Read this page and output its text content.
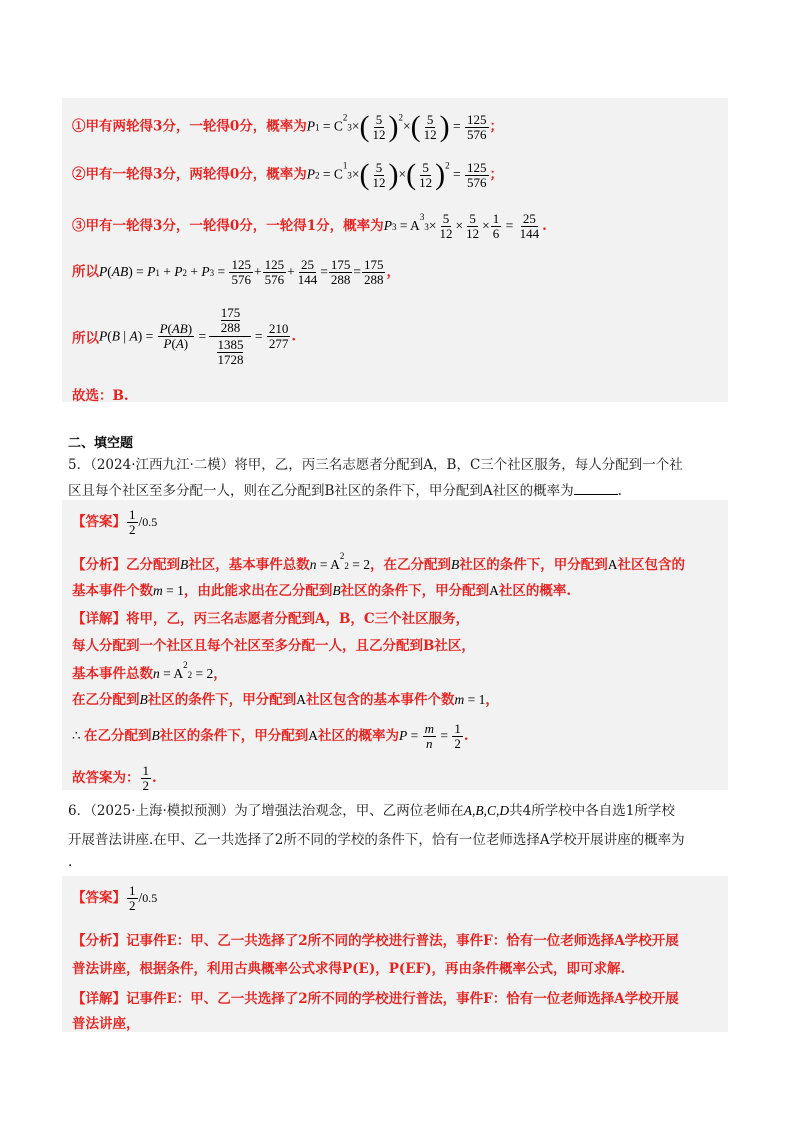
①甲有两轮得3分，一轮得0分，概率为$P1 = C^23\times( \frac{5}{12} )^2\times( \frac{5}{12}$ ) = $\frac{125}{576}$ ；
②甲有一轮得3分，两轮得0分，概率为$P2 = C^13\times( \frac{5}{12}$ )×( $\frac{5}{12} )^2 = \frac{125}{576}$ ；
③甲有一轮得3分，一轮得0分，一轮得1分，概率为$P3 = A^33\times \frac{5}{12} \times \frac{5}{12} \times \frac{1}{6} = \frac{25}{144}$ .
所以$P(AB) = P1 + P2 + P3 = \frac{125}{576} + \frac{125}{576} + \frac{25}{144} = \frac{175}{288} = \frac{175}{288}$ ，
所以P(B | $A) = \frac{P(AB)}{P(A)} = 175$
288
1385
$1728 = \frac{210}{277}$ .
故选：B.
二、填空题
5．（2024·江西九江·二模）将甲，乙，丙三名志愿者分配到A，B，C三个社区服务，每人分配到一个社
区且每个社区至多分配一人，则在乙分配到B社区的条件下，甲分配到A社区的概率为	.
【答案】 $\frac{1}{2} /0.5$
【分析】乙分配到B社区，基本事件总数$n = A^22 = 2$，在乙分配到B社区的条件下，甲分配到A社区包含的
基本事件个数m = 1，由此能求出在乙分配到B社区的条件下，甲分配到A社区的概率.
【详解】将甲，乙，丙三名志愿者分配到A，B，C三个社区服务，
每人分配到一个社区且每个社区至多分配一人，且乙分配到B社区，
基本事件总数$n = A^22 = 2$，
在乙分配到B社区的条件下，甲分配到A社区包含的基本事件个数m = 1，
∴ 在乙分配到B社区的条件下，甲分配到A社区的概率为$P = \frac{m}{n} = \frac{1}{2}$ .
故答案为： $\frac{1}{2}$ .
6．（2025·上海·模拟预测）为了增强法治观念，甲、乙两位老师在A,B,C,D共4所学校中各自选1所学校
开展普法讲座.在甲、乙一共选择了2所不同的学校的条件下，恰有一位老师选择A学校开展讲座的概率为
.
【答案】 $\frac{1}{2} /0.5$
【分析】记事件E：甲、乙一共选择了2所不同的学校进行普法，事件F：恰有一位老师选择A学校开展
普法讲座，根据条件，利用古典概率公式求得P(E)，P(EF)，再由条件概率公式，即可求解.
【详解】记事件E：甲、乙一共选择了2所不同的学校进行普法，事件F：恰有一位老师选择A学校开展
普法讲座，
